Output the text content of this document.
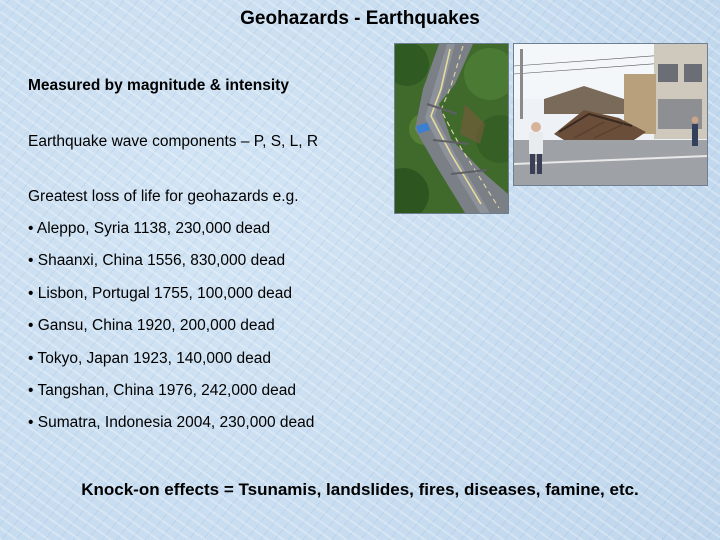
Geohazards - Earthquakes
Measured by magnitude & intensity
Earthquake wave components – P, S, L, R
Greatest loss of life for geohazards e.g.
• Aleppo, Syria 1138, 230,000 dead
• Shaanxi, China 1556, 830,000 dead
• Lisbon, Portugal 1755, 100,000 dead
• Gansu, China 1920, 200,000 dead
• Tokyo, Japan 1923, 140,000 dead
• Tangshan, China 1976, 242,000 dead
• Sumatra, Indonesia 2004, 230,000 dead
Knock-on effects = Tsunamis, landslides, fires, diseases, famine, etc.
